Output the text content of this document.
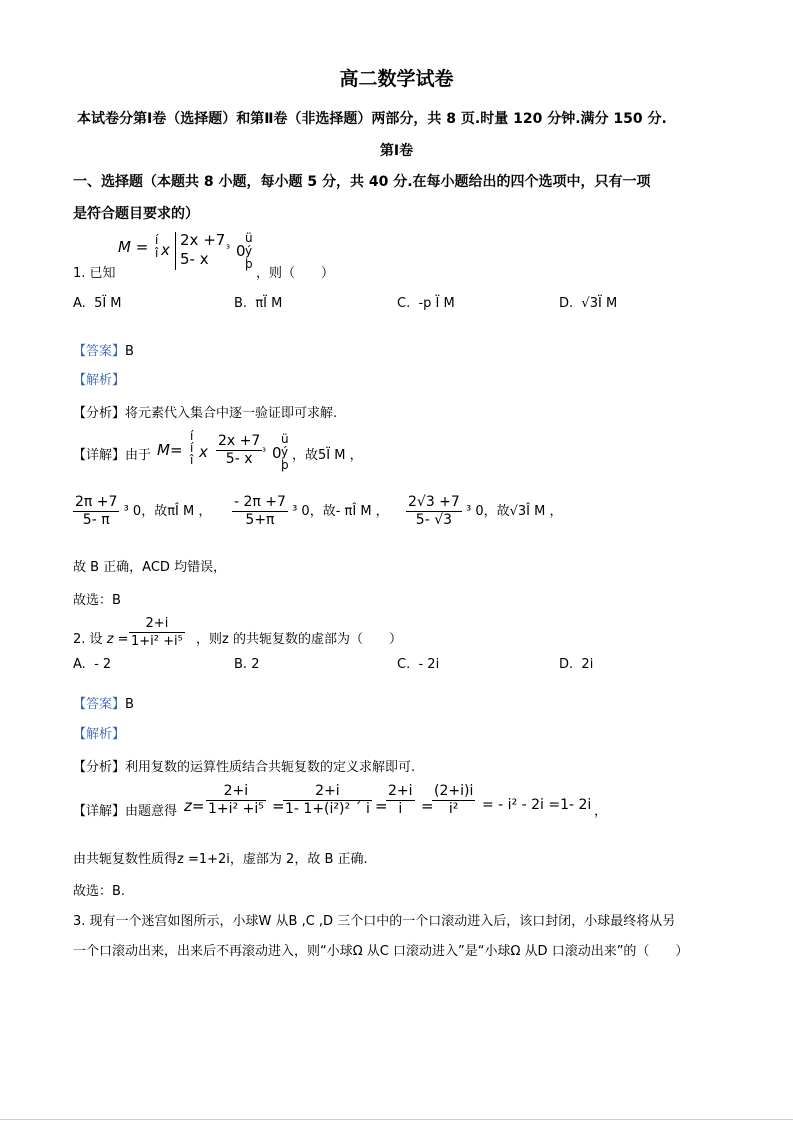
高二数学试卷
本试卷分第Ⅰ卷（选择题）和第Ⅱ卷（非选择题）两部分，共 8 页.时量 120 分钟.满分 150 分.
第Ⅰ卷
一、选择题（本题共 8 小题，每小题 5 分，共 40 分.在每小题给出的四个选项中，只有一项
是符合题目要求的）
1. 已知
M = í
î x
2x +7
5- x
³ 0
ü
ý
þ
，则（　　）
A. 5Ï M	B. πÏ M	C. -p Ï M	D. √3Ï M
【答案】B
【解析】
【分析】将元素代入集合中逐一验证即可求解.
【详解】由于 M=
í
í
î x $\frac{2x +7}{5- x} ^3$ 0
ü
ý
þ
，故5Ï M ，
$\frac{2\pi +7}{5- \pi} ^3$ 0，故πÎ M ， $\frac{- 2\pi +7}{5+\pi} ^3$ 0，故- πÎ M ， $\frac{2√3 +7}{5- √3} ^3$ 0，故√3Î M ，
故 B 正确，ACD 均错误，
故选：B
2. 设 $z = \frac{2+i}{\text{1+i² +i⁵}}$ ，则z 的共轭复数的虚部为（　　）
A. - 2	B. 2	C. - 2i	D. 2i
【答案】B
【解析】
【分析】利用复数的运算性质结合共轭复数的定义求解即可.
【详解】由题意得 $z= \frac{2+i}{\text{1+i² +i⁵}}$ =
$\frac{2+i}{\text{1- 1+(i²)² ´ i}}$ =
$\frac{2+i}{i}$ =
$\frac{(2+i)i}{\text{i²}}$ = - i² - 2i =1- 2i ，
由共轭复数性质得z =1+2i，虚部为 2，故 B 正确.
故选：B.
3. 现有一个迷宫如图所示，小球W 从B ,C ,D 三个口中的一个口滚动进入后，该口封闭，小球最终将从另
一个口滚动出来，出来后不再滚动进入，则“小球Ω 从C 口滚动进入”是“小球Ω 从D 口滚动出来”的（　　）
